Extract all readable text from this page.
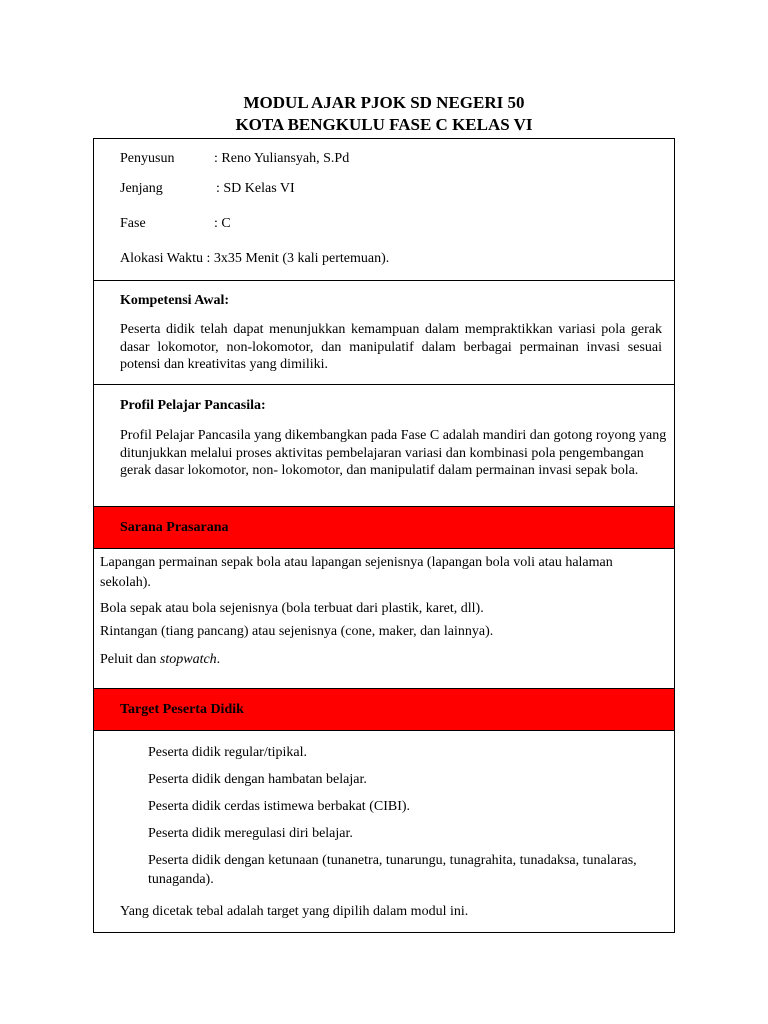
MODUL AJAR PJOK SD NEGERI 50
KOTA BENGKULU FASE C KELAS VI
Penyusun	: Reno Yuliansyah, S.Pd
Jenjang	: SD Kelas VI
Fase	: C
Alokasi Waktu : 3x35 Menit (3 kali pertemuan).
Kompetensi Awal:
Peserta didik telah dapat menunjukkan kemampuan dalam mempraktikkan variasi pola gerak dasar lokomotor, non-lokomotor, dan manipulatif dalam berbagai permainan invasi sesuai potensi dan kreativitas yang dimiliki.
Profil Pelajar Pancasila:
Profil Pelajar Pancasila yang dikembangkan pada Fase C adalah mandiri dan gotong royong yang ditunjukkan melalui proses aktivitas pembelajaran variasi dan kombinasi pola pengembangan gerak dasar lokomotor, non- lokomotor, dan manipulatif dalam permainan invasi sepak bola.
Sarana Prasarana
Lapangan permainan sepak bola atau lapangan sejenisnya (lapangan bola voli atau halaman sekolah).
Bola sepak atau bola sejenisnya (bola terbuat dari plastik, karet, dll).
Rintangan (tiang pancang) atau sejenisnya (cone, maker, dan lainnya).
Peluit dan stopwatch.
Target Peserta Didik
Peserta didik regular/tipikal.
Peserta didik dengan hambatan belajar.
Peserta didik cerdas istimewa berbakat (CIBI).
Peserta didik meregulasi diri belajar.
Peserta didik dengan ketunaan (tunanetra, tunarungu, tunagrahita, tunadaksa, tunalaras, tunaganda).
Yang dicetak tebal adalah target yang dipilih dalam modul ini.
